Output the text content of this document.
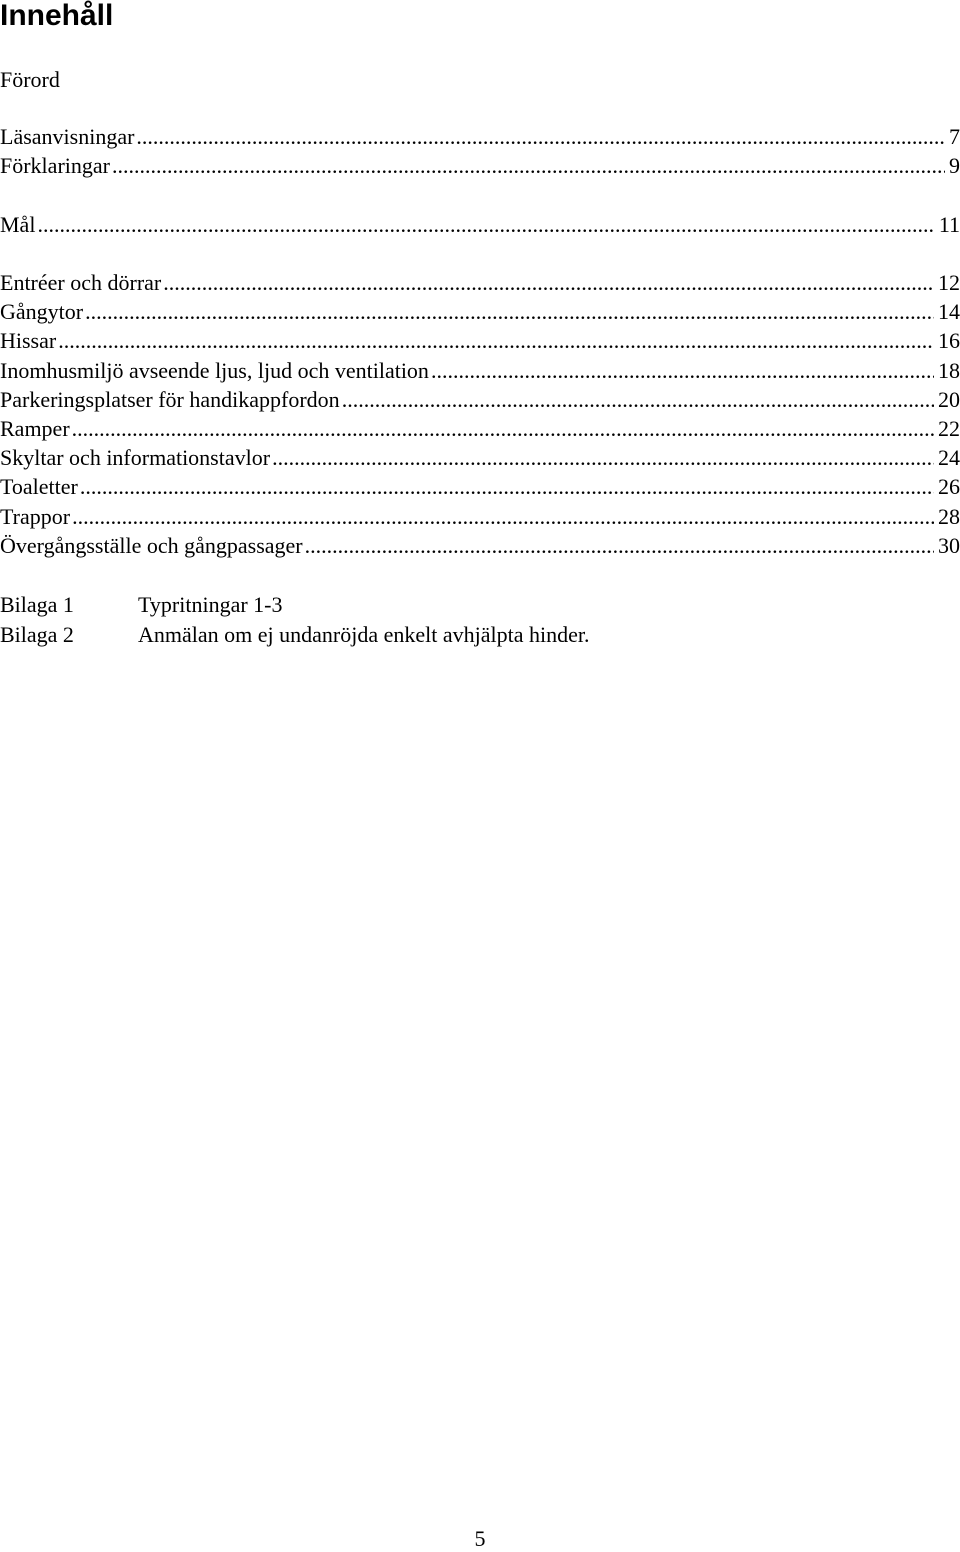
Innehåll
Förord
Läsanvisningar .....	7
Förklaringar .....	9
Mål .....	11
Entréer och dörrar .....	12
Gångytor .....	14
Hissar .....	16
Inomhusmiljö avseende ljus, ljud och ventilation .....	18
Parkeringsplatser för handikappfordon .....	20
Ramper .....	22
Skyltar och informationstavlor .....	24
Toaletter .....	26
Trappor .....	28
Övergångsställe och gångpassager .....	30
Bilaga 1	Typritningar 1-3
Bilaga 2	Anmälan om ej undanröjda enkelt avhjälpta hinder.
5
